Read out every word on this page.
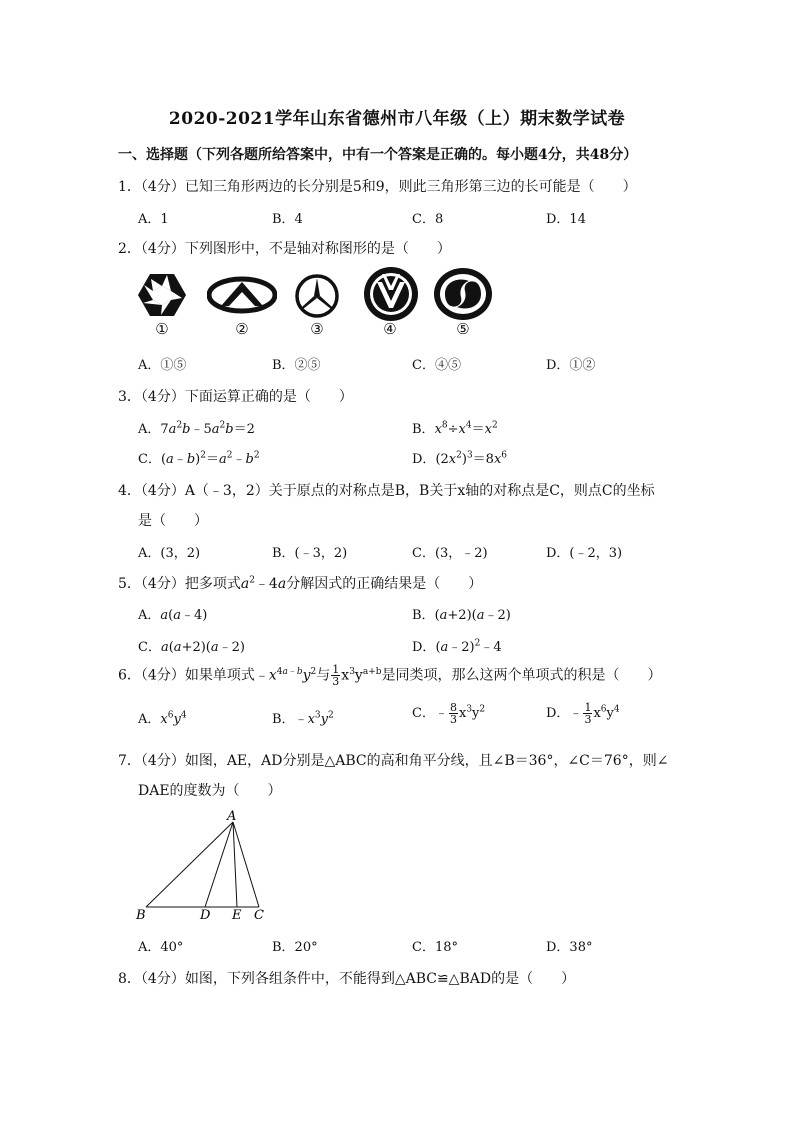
2020-2021学年山东省德州市八年级（上）期末数学试卷
一、选择题（下列各题所给答案中，中有一个答案是正确的。每小题4分，共48分）
1．（4分）已知三角形两边的长分别是5和9，则此三角形第三边的长可能是（　　）
A．1	B．4	C．8	D．14
2．（4分）下列图形中，不是轴对称图形的是（　　）
①	②	③	④	⑤
A．①⑤	B．②⑤	C．④⑤	D．①②
3．（4分）下面运算正确的是（　　）
A．$7a^2b﹣5a^2b=2$	B．$x^8\div x^4=x^2$
C．$(a﹣b)^2=a^2﹣b^2$	D．$(2x^2)^3=8x^6$
4．（4分）A（﹣3，2）关于原点的对称点是B，B关于x轴的对称点是C，则点C的坐标
是（　　）
A．(3，2)	B．(﹣3，2)	C．(3，﹣2)	D．(﹣2，3)
5．（4分）把多项式$a^2﹣4a$分解因式的正确结果是（　　）
A．a(a﹣4)	B．(a+2)(a﹣2)
C．a(a+2)(a﹣2)	D．(a﹣2)$^2$﹣4
6．（4分）如果单项式$﹣x^{4a﹣b}y^2$与 $\frac{1}{3} x^3y^{a+b}$是同类项，那么这两个单项式的积是（　　）
A．$x^6y^4$	B．$﹣x^3y^2$	C．﹣ $\frac{8}{3} x^3y^2$	D．﹣ $\frac{1}{3} x^6y^4$
7．（4分）如图，AE，AD分别是△ABC的高和角平分线，且∠B＝36°，∠C＝76°，则∠
DAE的度数为（　　）
A
B	D E C
A．40°	B．20°	C．18°	D．38°
8．（4分）如图，下列各组条件中，不能得到△ABC≌△BAD的是（　　）
